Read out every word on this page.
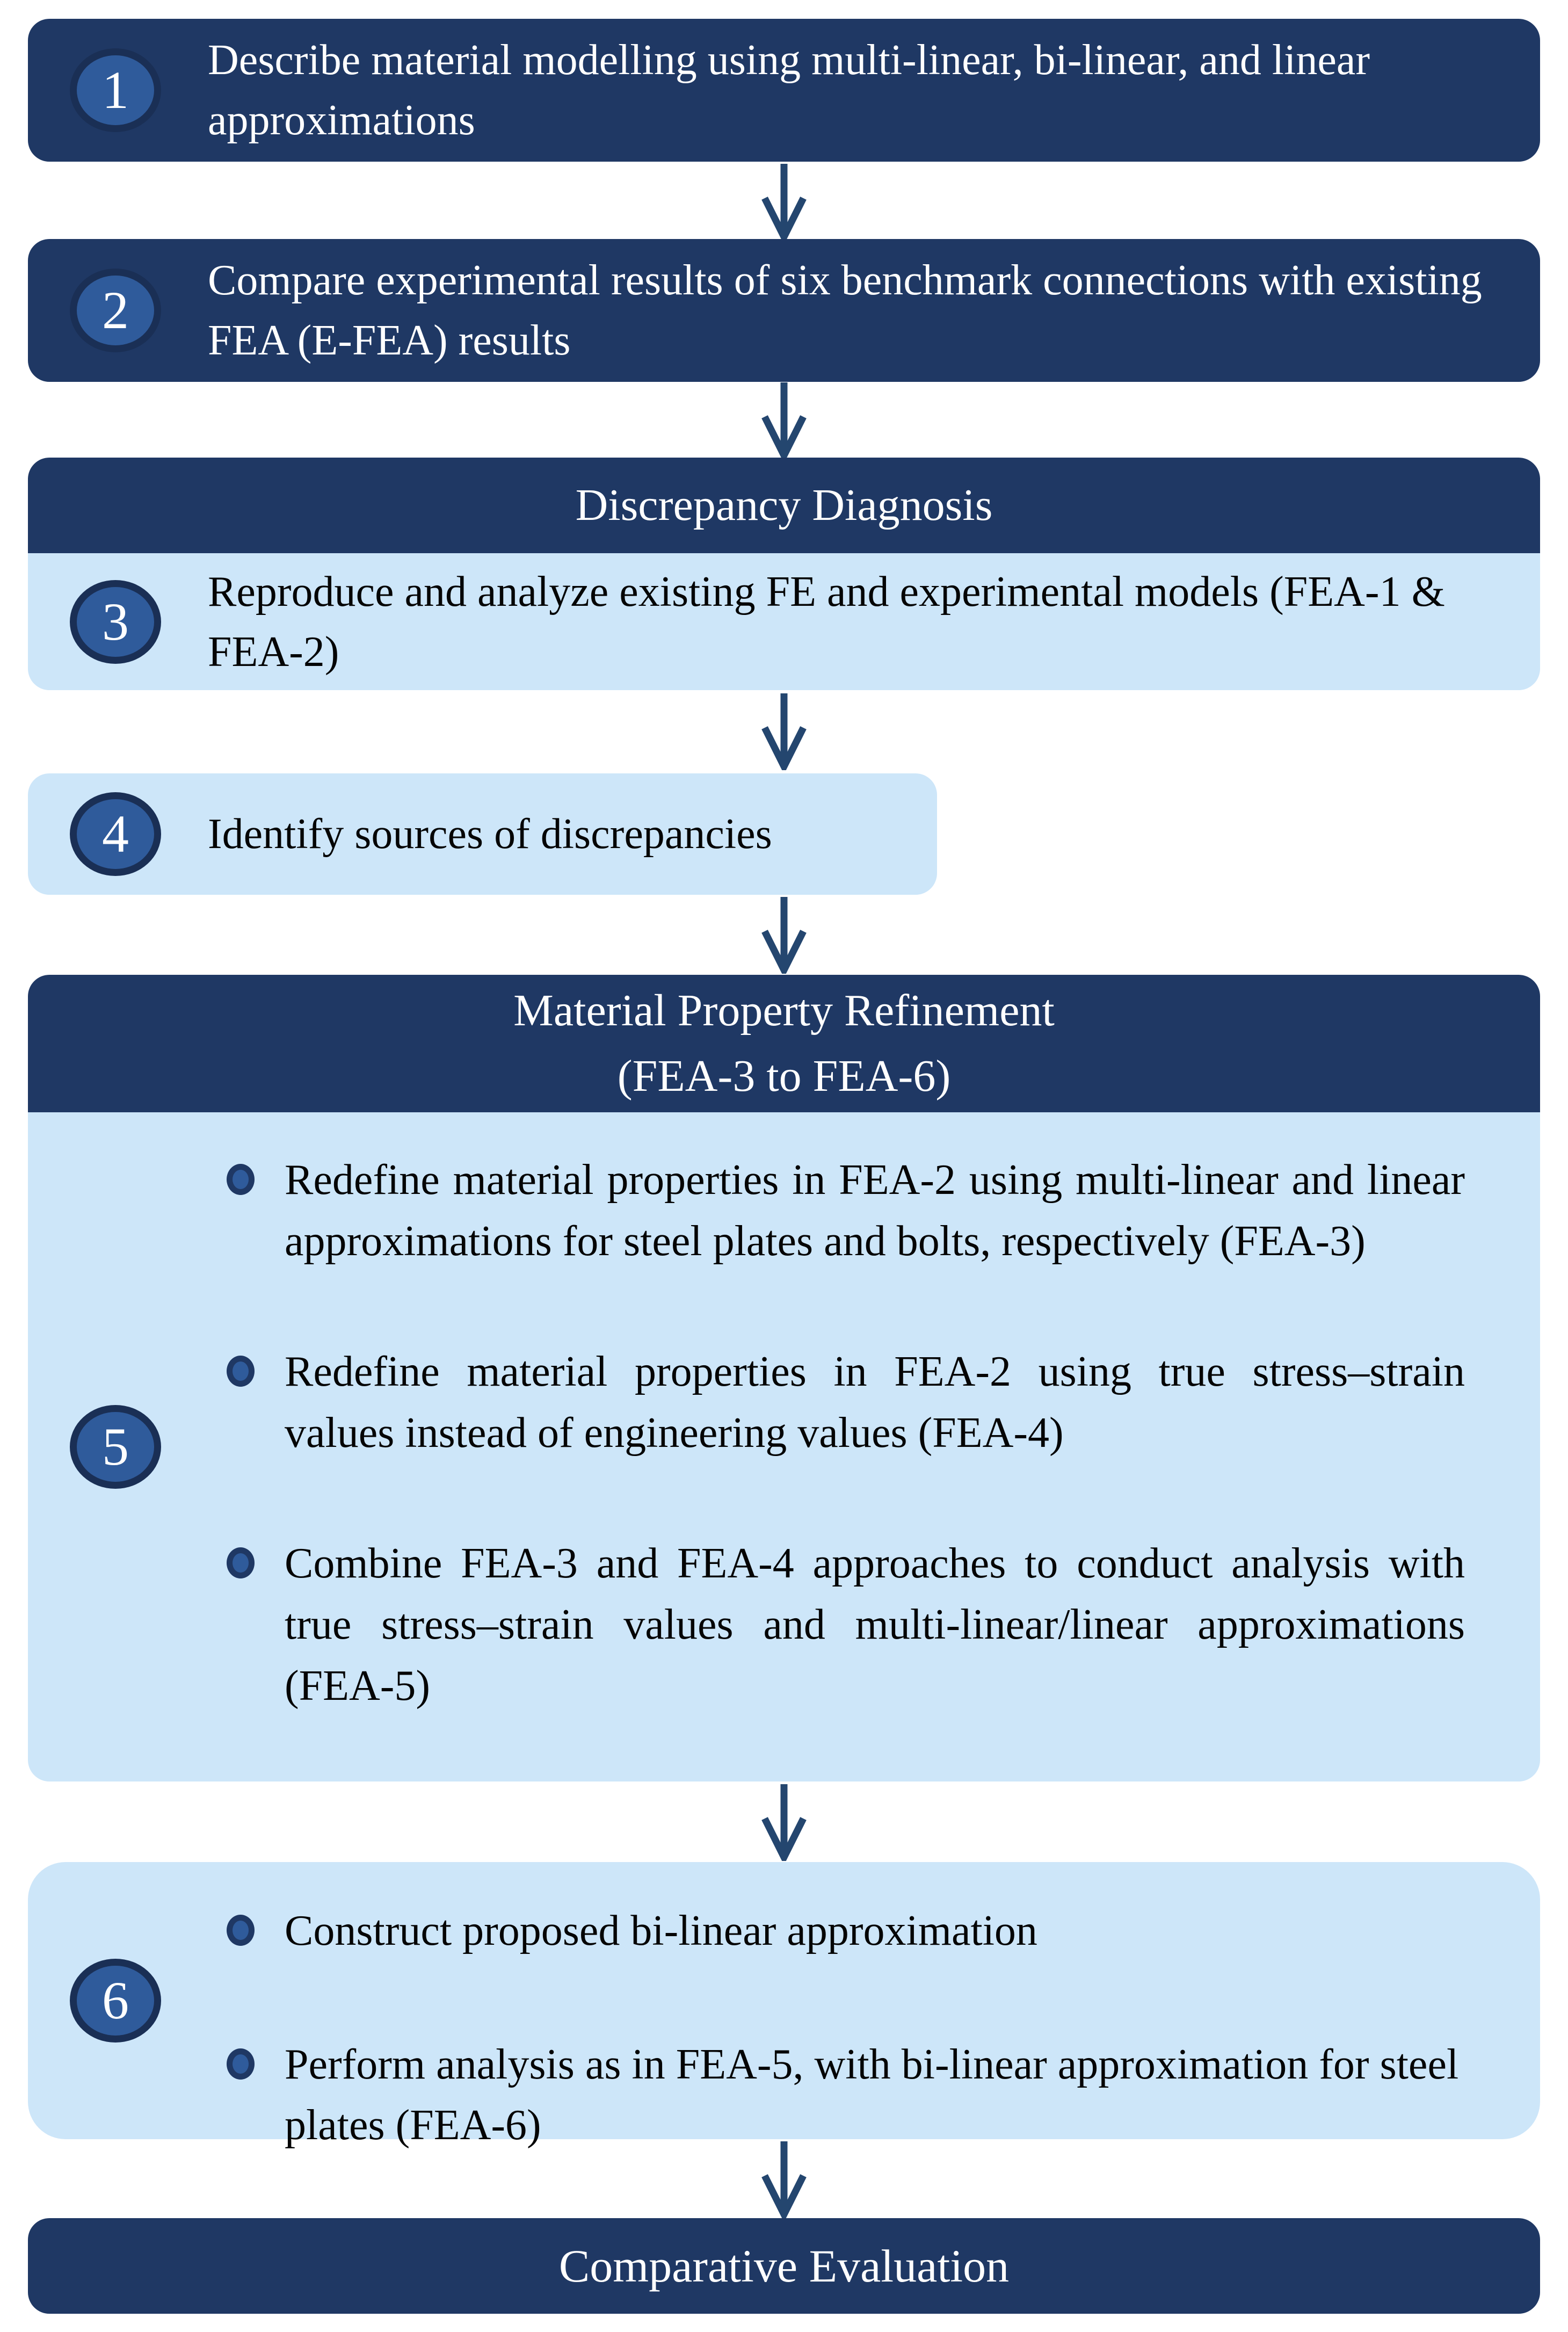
1 Describe material modelling using multi-linear, bi-linear, and linear approximations
2 Compare experimental results of six benchmark connections with existing FEA (E-FEA) results
Discrepancy Diagnosis
3 Reproduce and analyze existing FE and experimental models (FEA-1 & FEA-2)
4 Identify sources of discrepancies
Material Property Refinement
(FEA-3 to FEA-6)
5
Redefine material properties in FEA-2 using multi-linear and linear approximations for steel plates and bolts, respectively (FEA-3)
Redefine material properties in FEA-2 using true stress–strain values instead of engineering values (FEA-4)
Combine FEA-3 and FEA-4 approaches to conduct analysis with true stress–strain values and multi-linear/linear approximations (FEA-5)
6
Construct proposed bi-linear approximation
Perform analysis as in FEA-5, with bi-linear approximation for steel plates (FEA-6)
Comparative Evaluation
